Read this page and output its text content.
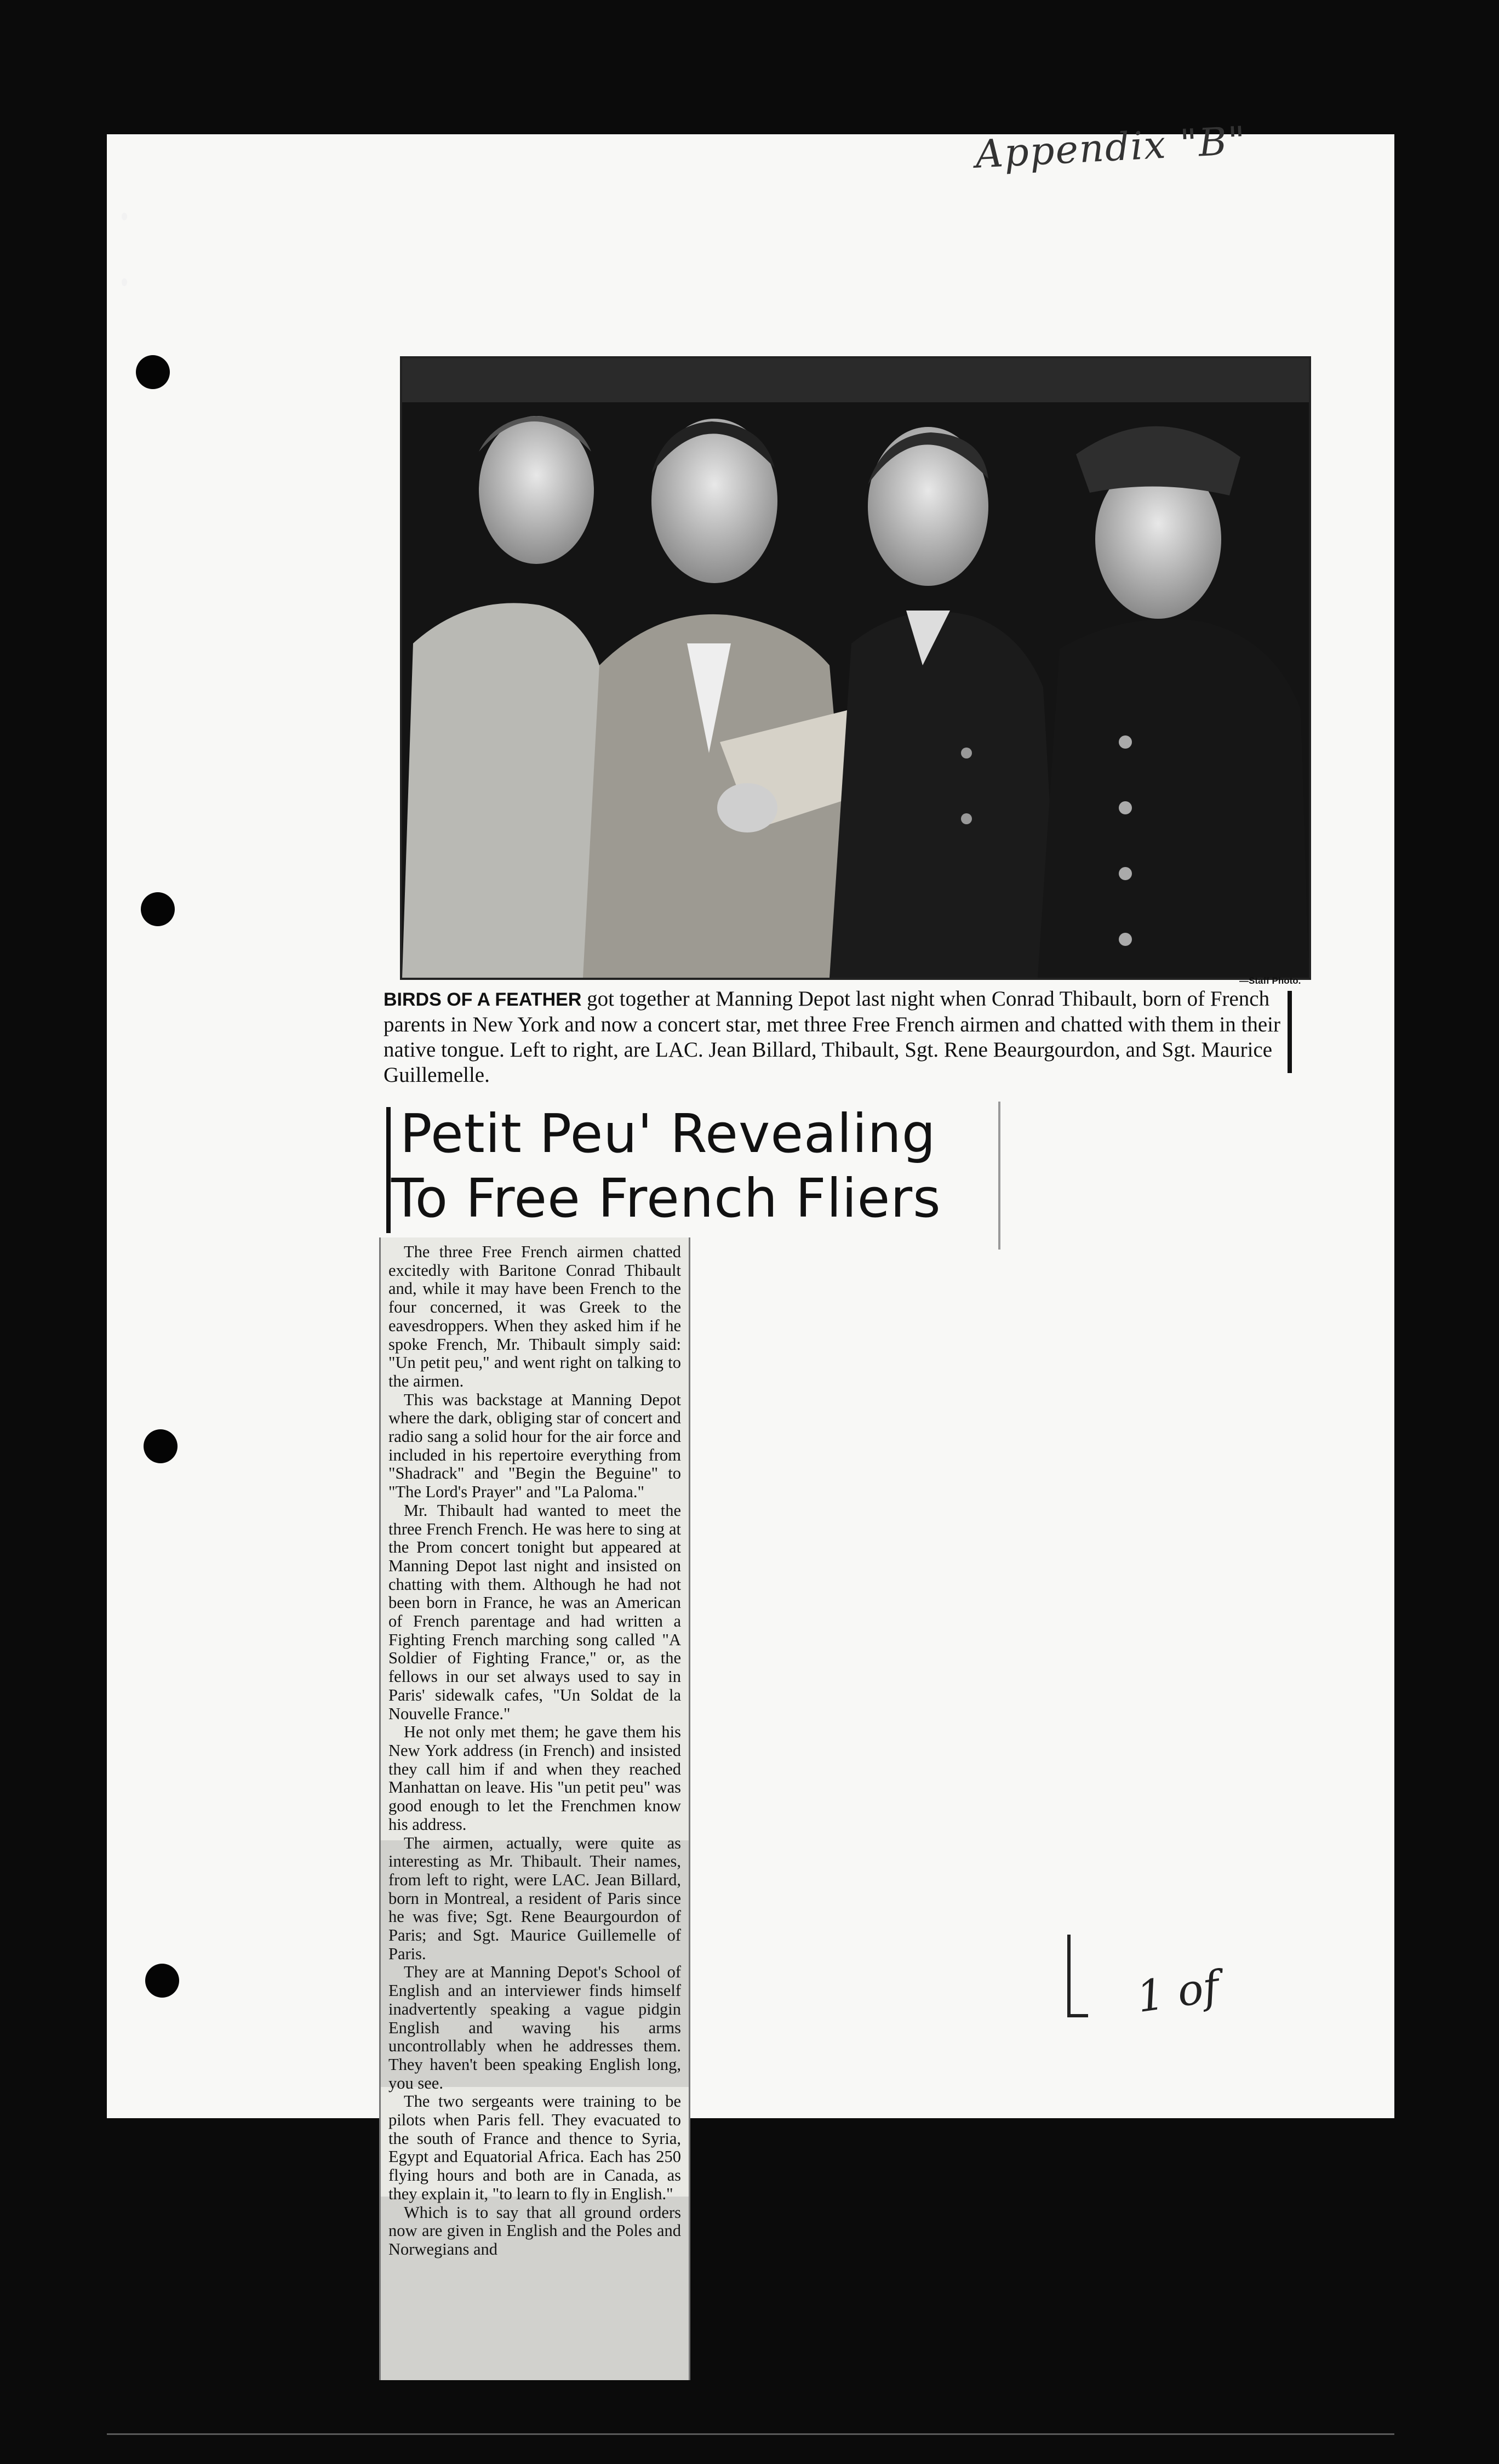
Appendix "B"
—Staff Photo.
BIRDS OF A FEATHER got together at Manning Depot last night when Conrad Thibault, born of French parents in New York and now a concert star, met three Free French airmen and chatted with them in their native tongue. Left to right, are LAC. Jean Billard, Thibault, Sgt. Rene Beaurgourdon, and Sgt. Maurice Guillemelle.
Petit Peu' Revealing
To Free French Fliers

The three Free French airmen chatted excitedly with Baritone Conrad Thibault and, while it may have been French to the four concerned, it was Greek to the eavesdroppers. When they asked him if he spoke French, Mr. Thibault simply said: "Un petit peu," and went right on talking to the airmen.

This was backstage at Manning Depot where the dark, obliging star of concert and radio sang a solid hour for the air force and included in his repertoire everything from "Shadrack" and "Begin the Beguine" to "The Lord's Prayer" and "La Paloma."

Mr. Thibault had wanted to meet the three French French. He was here to sing at the Prom concert tonight but appeared at Manning Depot last night and insisted on chatting with them. Although he had not been born in France, he was an American of French parentage and had written a Fighting French marching song called "A Soldier of Fighting France," or, as the fellows in our set always used to say in Paris' sidewalk cafes, "Un Soldat de la Nouvelle France."

He not only met them; he gave them his New York address (in French) and insisted they call him if and when they reached Manhattan on leave. His "un petit peu" was good enough to let the Frenchmen know his address.

The airmen, actually, were quite as interesting as Mr. Thibault. Their names, from left to right, were LAC. Jean Billard, born in Montreal, a resident of Paris since he was five; Sgt. Rene Beaurgourdon of Paris; and Sgt. Maurice Guillemelle of Paris.

They are at Manning Depot's School of English and an interviewer finds himself inadvertently speaking a vague pidgin English and waving his arms uncontrollably when he addresses them. They haven't been speaking English long, you see.

The two sergeants were training to be pilots when Paris fell. They evacuated to the south of France and thence to Syria, Egypt and Equatorial Africa. Each has 250 flying hours and both are in Canada, as they explain it, "to learn to fly in English."

Which is to say that all ground orders now are given in English and the Poles and Norwegians and

1 of
